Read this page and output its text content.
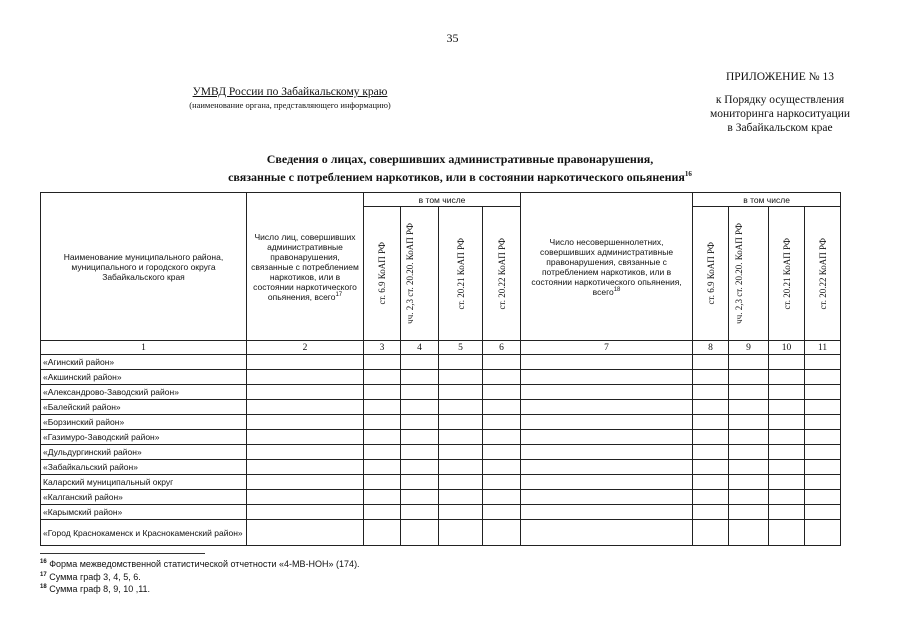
35
УМВД России по Забайкальскому краю
(наименование органа, представляющего информацию)
ПРИЛОЖЕНИЕ № 13
к Порядку осуществления
мониторинга наркоситуации
в Забайкальском крае
Сведения о лицах, совершивших административные правонарушения,
связанные с потреблением наркотиков, или в состоянии наркотического опьянения$^{16}$
Наименование муниципального района, муниципального и городского округа Забайкальского края	Число лиц, совершивших административные правонарушения, связанные с потреблением наркотиков, или в состоянии наркотического опьянения, всего$^{17}$	в том числе				Число несовершеннолетних, совершивших административные правонарушения, связанные с потреблением наркотиков, или в состоянии наркотического опьянения, всего$^{18}$	в том числе			

		ст. 6.9 КоАП РФ	чч. 2,3 ст. 20.20. КоАП РФ	ст. 20.21 КоАП РФ	ст. 20.22 КоАП РФ		ст. 6.9 КоАП РФ	чч. 2,3 ст. 20.20. КоАП РФ	ст. 20.21 КоАП РФ	ст. 20.22 КоАП РФ

1	2	3	4	5	6	7	8	9	10	11
«Агинский район»										
«Акшинский район»										
«Александрово-Заводский район»										
«Балейский район»										
«Борзинский район»										
«Газимуро-Заводский район»										
«Дульдургинский район»										
«Забайкальский район»										
Каларский муниципальный округ										
«Калганский район»										
«Карымский район»										
«Город Краснокаменск и Краснокаменский район»										
$^{16}$ Форма межведомственной статистической отчетности «4-МВ-НОН» (174).
$^{17}$ Сумма граф 3, 4, 5, 6.
$^{18}$ Сумма граф 8, 9, 10 ,11.
